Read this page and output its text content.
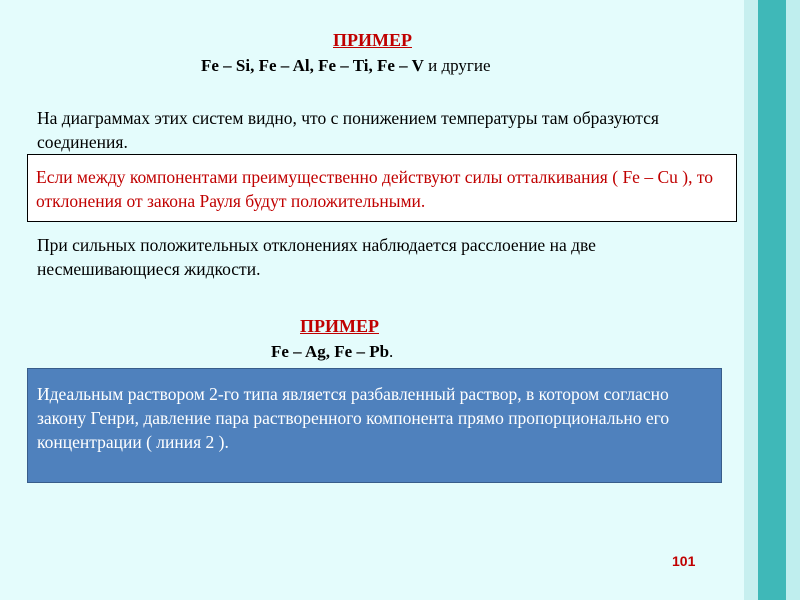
ПРИМЕР
Fe – Si, Fe – Al, Fe – Ti, Fe – V и другие
На диаграммах этих систем видно, что с понижением температуры там образуются соединения.
Если между компонентами преимущественно действуют силы отталкивания ( Fe – Cu ), то отклонения от закона Рауля будут положительными.
При сильных положительных отклонениях наблюдается расслоение на две несмешивающиеся жидкости.
ПРИМЕР
Fe – Ag, Fe – Pb.
Идеальным раствором 2-го типа является разбавленный раствор, в котором согласно закону Генри, давление пара растворенного компонента прямо пропорционально его концентрации ( линия 2 ).
101
